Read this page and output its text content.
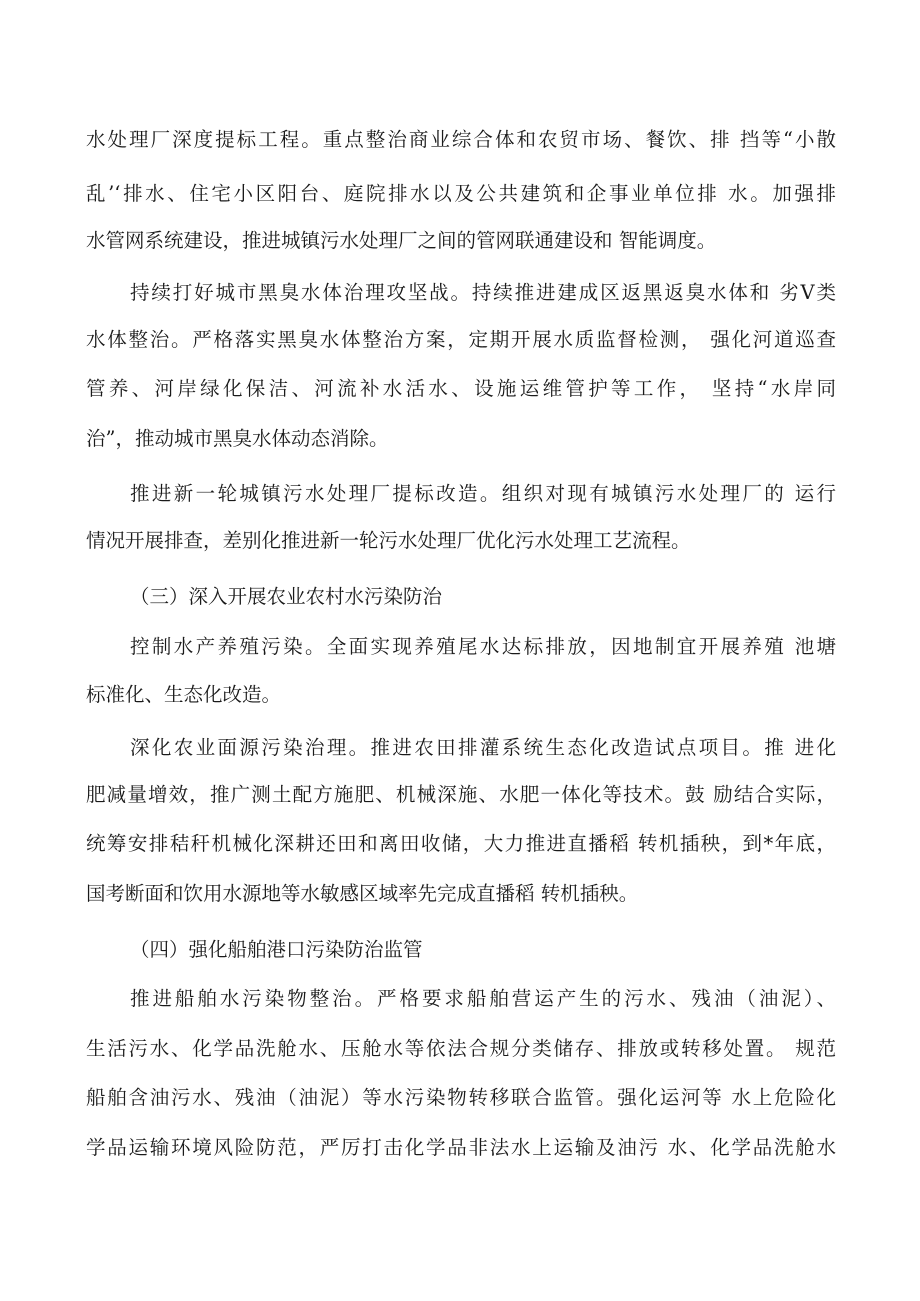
水处理厂深度提标工程。重点整治商业综合体和农贸市场、餐饮、排 挡等“小散
乱’‘排水、住宅小区阳台、庭院排水以及公共建筑和企事业单位排 水。加强排
水管网系统建设，推进城镇污水处理厂之间的管网联通建设和 智能调度。
持续打好城市黑臭水体治理攻坚战。持续推进建成区返黑返臭水体和 劣Ⅴ类
水体整治。严格落实黑臭水体整治方案，定期开展水质监督检测， 强化河道巡查
管养、河岸绿化保洁、河流补水活水、设施运维管护等工作， 坚持“水岸同
治”，推动城市黑臭水体动态消除。
推进新一轮城镇污水处理厂提标改造。组织对现有城镇污水处理厂的 运行
情况开展排查，差别化推进新一轮污水处理厂优化污水处理工艺流程。
（三）深入开展农业农村水污染防治
控制水产养殖污染。全面实现养殖尾水达标排放，因地制宜开展养殖 池塘
标准化、生态化改造。
深化农业面源污染治理。推进农田排灌系统生态化改造试点项目。推 进化
肥减量增效，推广测土配方施肥、机械深施、水肥一体化等技术。鼓 励结合实际，
统筹安排秸秆机械化深耕还田和离田收储，大力推进直播稻 转机插秧，到*年底，
国考断面和饮用水源地等水敏感区域率先完成直播稻 转机插秧。
（四）强化船舶港口污染防治监管
推进船舶水污染物整治。严格要求船舶营运产生的污水、残油（油泥）、
生活污水、化学品洗舱水、压舱水等依法合规分类储存、排放或转移处置。 规范
船舶含油污水、残油（油泥）等水污染物转移联合监管。强化运河等 水上危险化
学品运输环境风险防范，严厉打击化学品非法水上运输及油污 水、化学品洗舱水
